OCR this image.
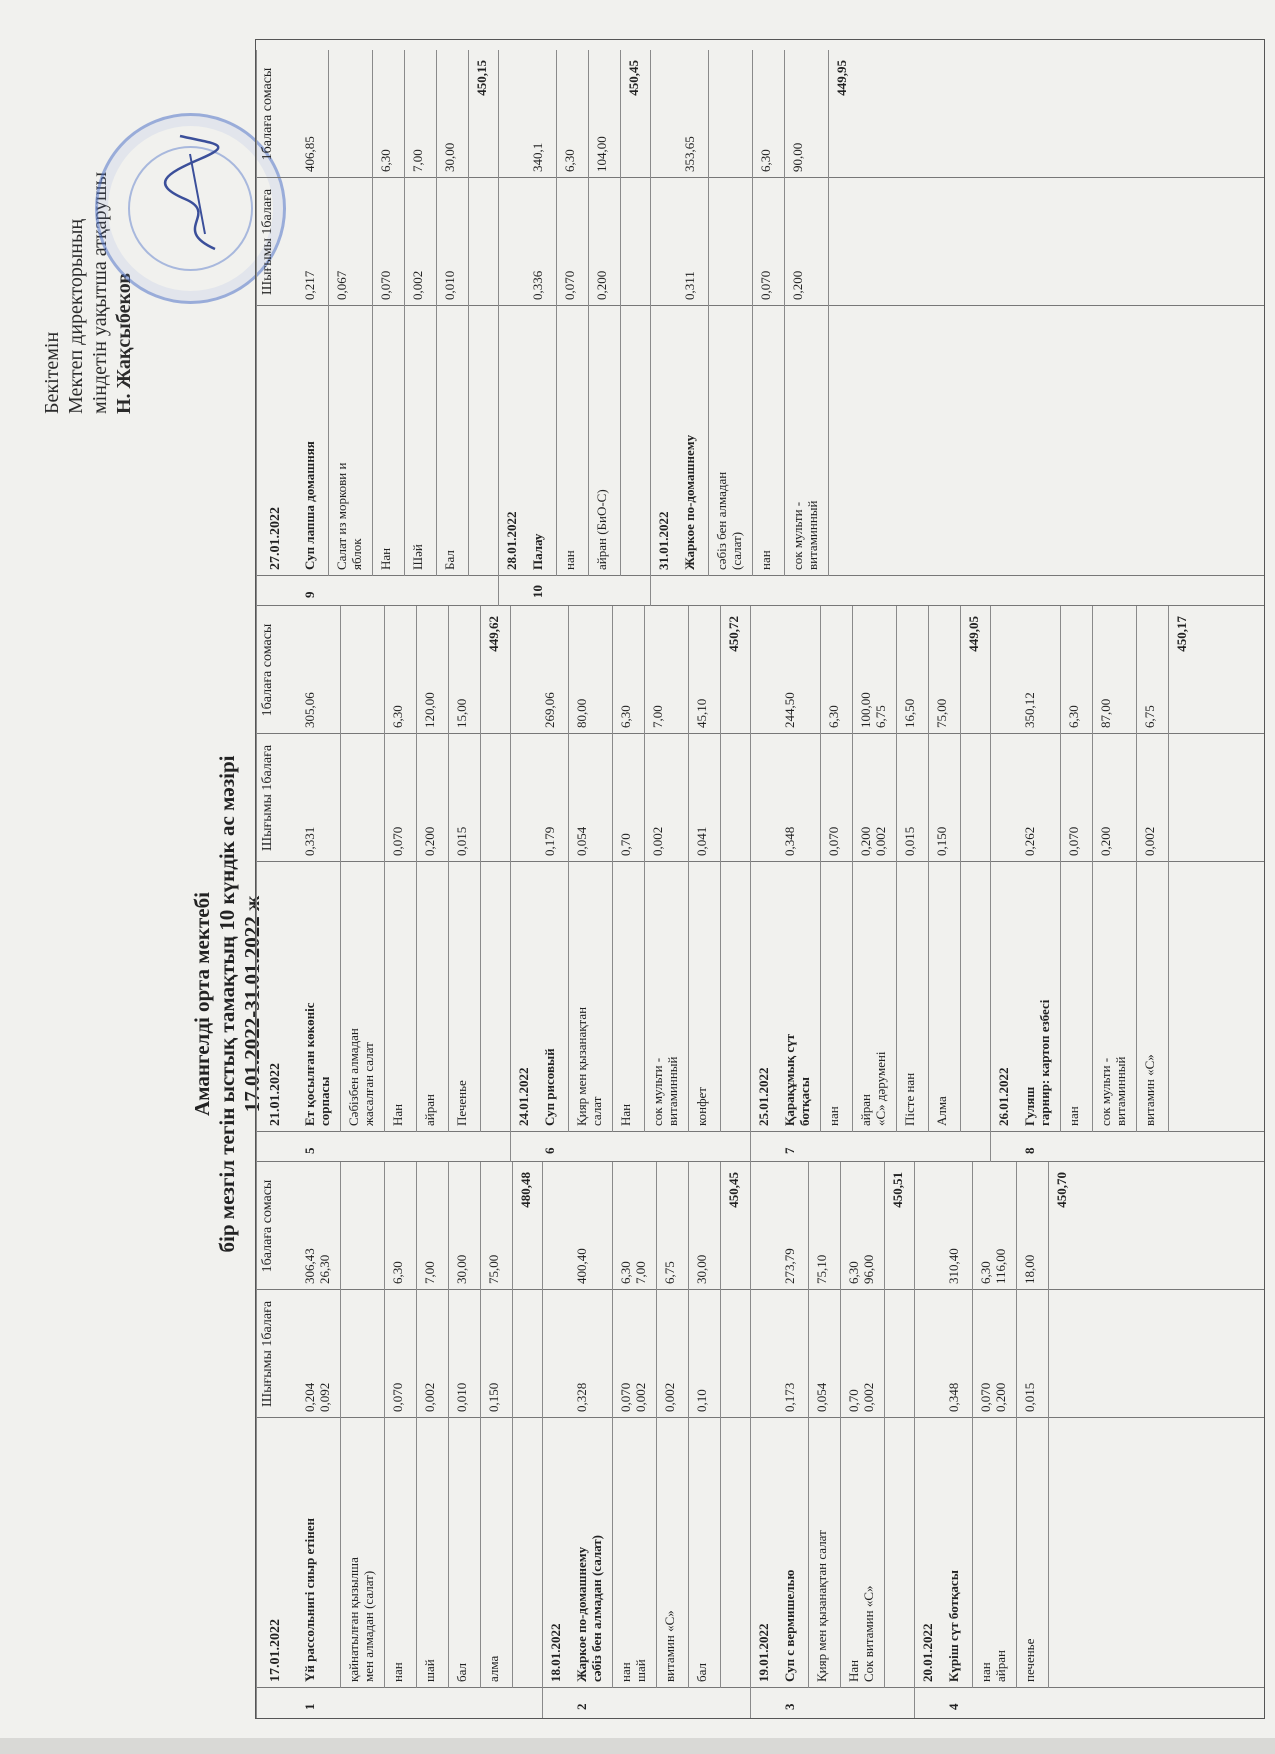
Бекітемін Мектеп директорының міндетін уақытша атқарушы Н. Жақсыбеков
Амангелді орта мектебі бір мезгіл тегін ыстық тамақтың 10 күндік ас мәзірі 17.01.2022-31.01.2022 ж
Шығымы 1балаға
1балаға сомасы
Шығымы 1балаға
1балаға сомасы
Шығымы 1балаға
1балаға сомасы
17.01.2022
1
Үй рассольнигі сиыр етінен
0,204
0,092
306,43
26,30
қайнатылған қызылша
мен алмадан (салат)
нан
0,070
6,30
шай
0,002
7,00
бал
0,010
30,00
алма
0,150
75,00
480,48
18.01.2022
2
Жаркое по-домашнему
сәбіз бен алмадан (салат)
0,328
400,40
нан
шай
0,070
0,002
6,30
7,00
витамин «С»
0,002
6,75
бал
0,10
30,00
450,45
19.01.2022
3
Суп с вермишелью
0,173
273,79
Қияр мен қызанақтан салат
0,054
75,10
Нан
Сок витамин «С»
0,70
0,002
6,30
96,00
450,51
20.01.2022
4
Күріш сүт ботқасы
0,348
310,40
нан
айран
0,070
0,200
6,30
116,00
печенье
0,015
18,00
450,70
21.01.2022
5
Ет қосылған көкөніс
сорпасы
0,331
305,06
Сәбізбен алмадан
жасалған салат
Нан
0,070
6,30
айран
0,200
120,00
Печенье
0,015
15,00
449,62
24.01.2022
6
Суп рисовый
0,179
269,06
Қияр мен қызанақтан
салат
0,054
80,00
Нан
0,70
6,30
сок мульти -
витаминный
0,002
7,00
конфет
0,041
45,10
450,72
25.01.2022
7
Қарақұмық сүт
ботқасы
0,348
244,50
нан
0,070
6,30
айран
«С» дәрумені
0,200
0,002
100,00
6,75
Пісте нан
0,015
16,50
Алма
0,150
75,00
449,05
26.01.2022
8
Гуляш
гарнир: картоп езбесі
0,262
350,12
нан
0,070
6,30
сок мульти -
витаминный
0,200
87,00
витамин «С»
0,002
6,75
450,17
27.01.2022
9
Суп лапша домашняя
0,217
406,85
Салат из моркови и
яблок
0,067
Нан
0,070
6,30
Шәй
0,002
7,00
Бал
0,010
30,00
450,15
28.01.2022
10
Палау
0,336
340,1
нан
0,070
6,30
айран (БиО-С)
0,200
104,00
450,45
31.01.2022 Жаркое по-домашнему
0,311
353,65
сәбіз бен алмадан
(салат) нан
0,070
6,30
сок мульти -
витаминный
0,200
90,00
449,95
